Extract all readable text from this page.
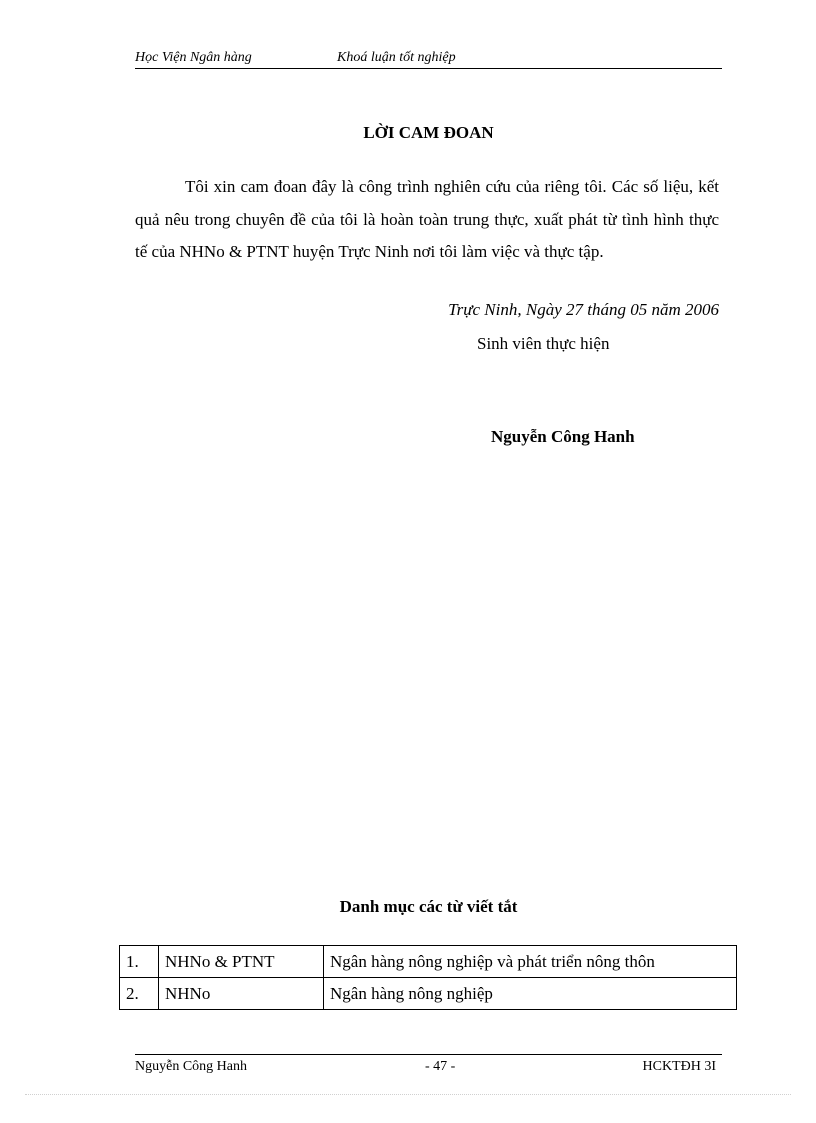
Học Viện Ngân hàng	Khoá luận tốt nghiệp
LỜI CAM ĐOAN

Tôi xin cam đoan đây là công trình nghiên cứu của riêng tôi. Các số liệu, kết quả nêu trong chuyên đề của tôi là hoàn toàn trung thực, xuất phát từ tình hình thực tế của NHNo & PTNT huyện Trực Ninh nơi tôi làm việc và thực tập.

Trực Ninh, Ngày 27 tháng 05 năm 2006
Sinh viên thực hiện
Nguyễn Công Hanh
Danh mục các từ viết tắt
1.	NHNo & PTNT	Ngân hàng nông nghiệp và phát triển nông thôn
2.	NHNo	Ngân hàng nông nghiệp
Nguyễn Công Hanh	- 47 -	HCKTĐH 3I
